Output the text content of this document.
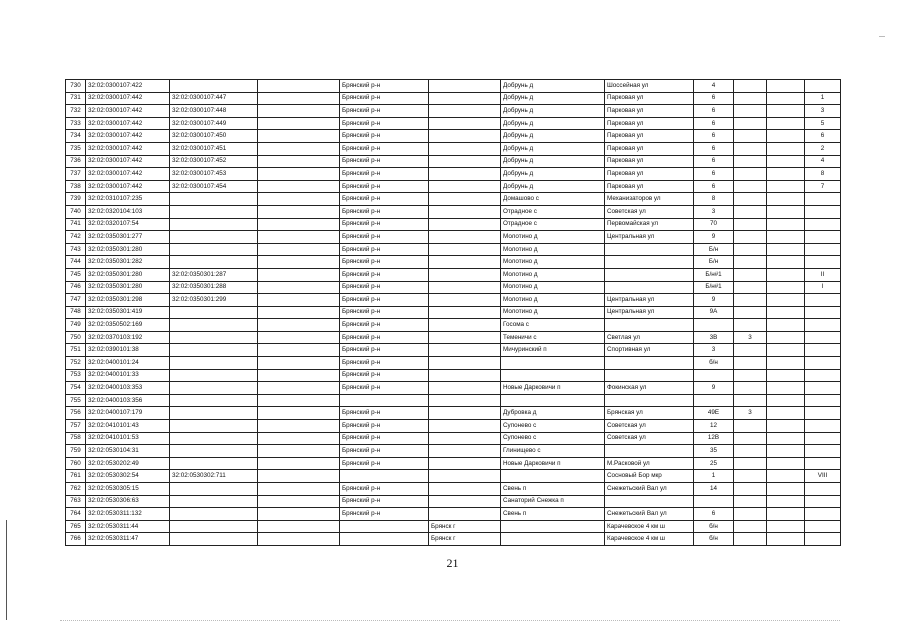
730	32:02:0300107:422			Брянский р-н		Добрунь д	Шоссейная ул	4			
731	32:02:0300107:442	32:02:0300107:447		Брянский р-н		Добрунь д	Парковая ул	6			1
732	32:02:0300107:442	32:02:0300107:448		Брянский р-н		Добрунь д	Парковая ул	6			3
733	32:02:0300107:442	32:02:0300107:449		Брянский р-н		Добрунь д	Парковая ул	6			5
734	32:02:0300107:442	32:02:0300107:450		Брянский р-н		Добрунь д	Парковая ул	6			6
735	32:02:0300107:442	32:02:0300107:451		Брянский р-н		Добрунь д	Парковая ул	6			2
736	32:02:0300107:442	32:02:0300107:452		Брянский р-н		Добрунь д	Парковая ул	6			4
737	32:02:0300107:442	32:02:0300107:453		Брянский р-н		Добрунь д	Парковая ул	6			8
738	32:02:0300107:442	32:02:0300107:454		Брянский р-н		Добрунь д	Парковая ул	6			7
739	32:02:0310107:235			Брянский р-н		Домашово с	Механизаторов ул	8			
740	32:02:0320104:103			Брянский р-н		Отрадное с	Советская ул	3			
741	32:02:0320107:54			Брянский р-н		Отрадное с	Первомайская ул	70			
742	32:02:0350301:277			Брянский р-н		Молотино д	Центральная ул	9			
743	32:02:0350301:280			Брянский р-н		Молотино д		Б/н			
744	32:02:0350301:282			Брянский р-н		Молотино д		Б/н			
745	32:02:0350301:280	32:02:0350301:287		Брянский р-н		Молотино д		Б/н#1			II
746	32:02:0350301:280	32:02:0350301:288		Брянский р-н		Молотино д		Б/н#1			I
747	32:02:0350301:298	32:02:0350301:299		Брянский р-н		Молотино д	Центральная ул	9			
748	32:02:0350301:419			Брянский р-н		Молотино д	Центральная ул	9А			
749	32:02:0350502:169			Брянский р-н		Госома с					
750	32:02:0370103:192			Брянский р-н		Теменичи с	Светлая ул	3В	3		
751	32:02:0390101:38			Брянский р-н		Мичуринский п	Спортивная ул	3			
752	32:02:0400101:24			Брянский р-н				б/н			
753	32:02:0400101:33			Брянский р-н							
754	32:02:0400103:353			Брянский р-н		Новые Дарковичи п	Фокинская ул	9			
755	32:02:0400103:356										
756	32:02:0400107:179			Брянский р-н		Дубровка д	Брянская ул	49Е	3		
757	32:02:0410101:43			Брянский р-н		Супонево с	Советская ул	12			
758	32:02:0410101:53			Брянский р-н		Супонево с	Советская ул	12В			
759	32:02:0530104:31			Брянский р-н		Глинищево с		35			
760	32:02:0530202:49			Брянский р-н		Новые Дарковичи п	М.Расковой ул	25			
761	32:02:0530302:54	32:02:0530302:711					Сосновый Бор мкр	1			VIII
762	32:02:0530305:15			Брянский р-н		Свень п	Снежетьский Вал ул	14			
763	32:02:0530306:63			Брянский р-н		Санаторий Снежка п					
764	32:02:0530311:132			Брянский р-н		Свень п	Снежетьский Вал ул	6			
765	32:02:0530311:44				Брянск г		Карачевское 4 км ш	б/н			
766	32:02:0530311:47				Брянск г		Карачевское 4 км ш	б/н			
21
